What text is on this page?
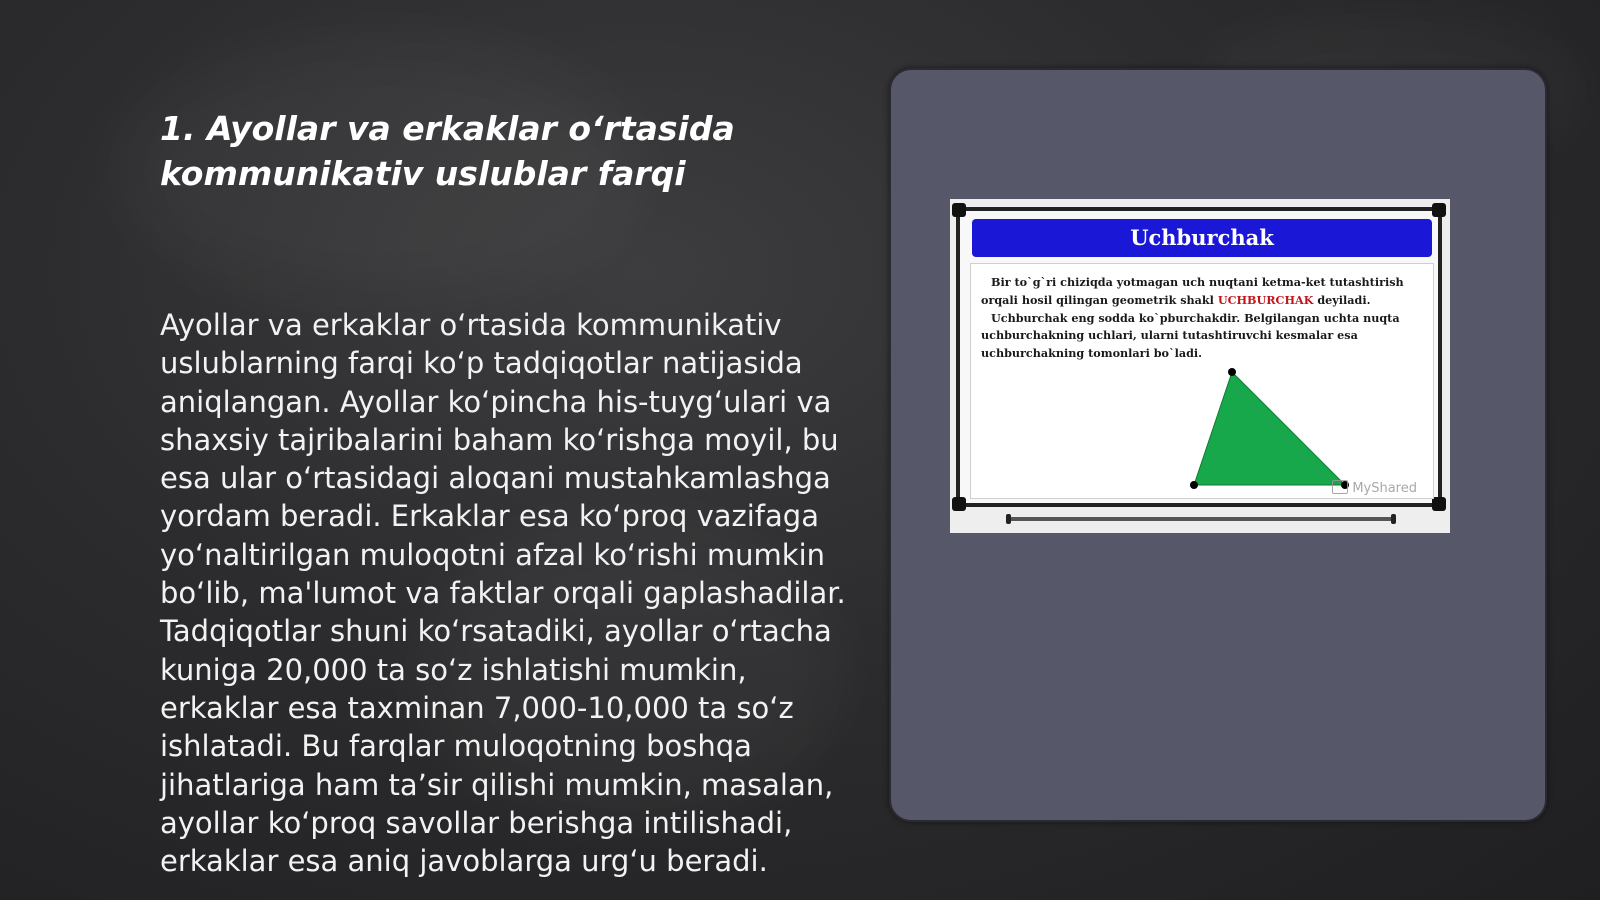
1. Ayollar va erkaklar o‘rtasida kommunikativ uslublar farqi

Ayollar va erkaklar o‘rtasida kommunikativ uslublarning farqi ko‘p tadqiqotlar natijasida aniqlangan. Ayollar ko‘pincha his-tuyg‘ulari va shaxsiy tajribalarini baham ko‘rishga moyil, bu esa ular o‘rtasidagi aloqani mustahkamlashga yordam beradi. Erkaklar esa ko‘proq vazifaga yo‘naltirilgan muloqotni afzal ko‘rishi mumkin bo‘lib, ma'lumot va faktlar orqali gaplashadilar. Tadqiqotlar shuni ko‘rsatadiki, ayollar o‘rtacha kuniga 20,000 ta so‘z ishlatishi mumkin, erkaklar esa taxminan 7,000-10,000 ta so‘z ishlatadi. Bu farqlar muloqotning boshqa jihatlariga ham ta’sir qilishi mumkin, masalan, ayollar ko‘proq savollar berishga intilishadi, erkaklar esa aniq javoblarga urg‘u beradi.

Uchburchak

Bir to`g`ri chiziqda yotmagan uch nuqtani ketma-ket tutashtirish orqali hosil qilingan geometrik shakl UCHBURCHAK deyiladi.
Uchburchak eng sodda ko`pburchakdir. Belgilangan uchta nuqta uchburchakning uchlari, ularni tutashtiruvchi kesmalar esa uchburchakning tomonlari bo`ladi.

MyShared
